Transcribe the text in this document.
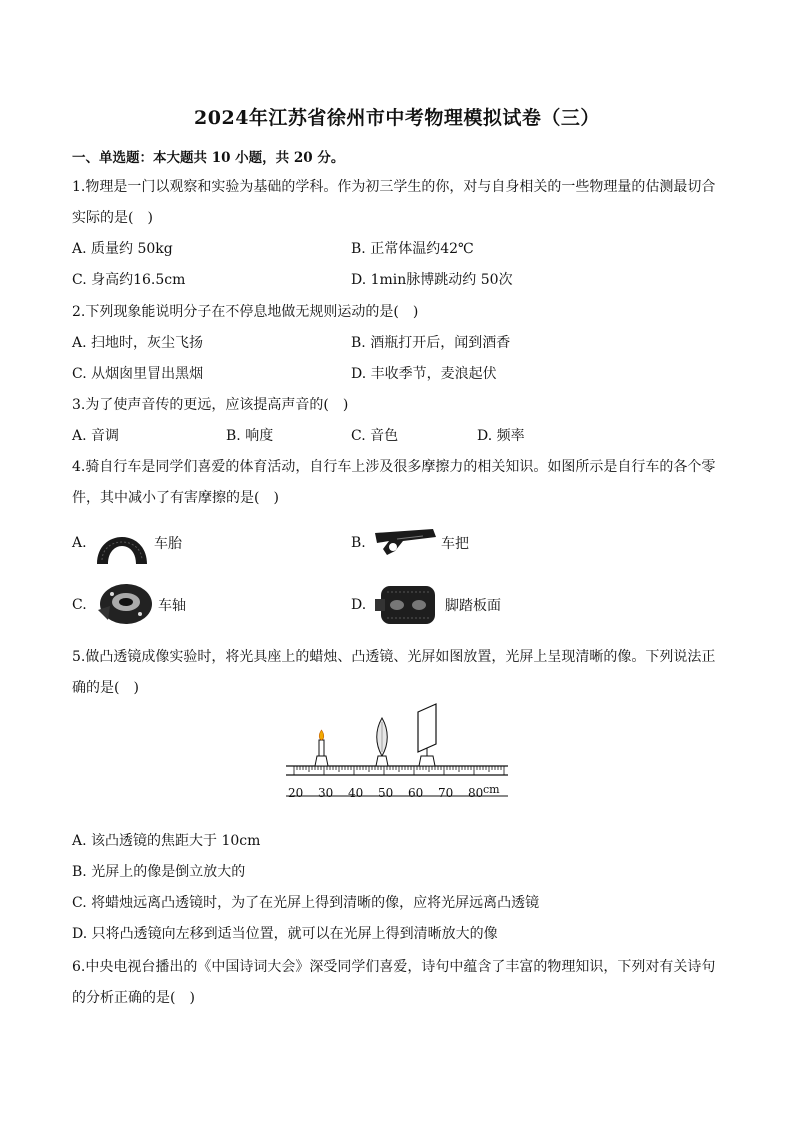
2024年江苏省徐州市中考物理模拟试卷（三）
一、单选题：本大题共 10 小题，共 20 分。
1.物理是一门以观察和实验为基础的学科。作为初三学生的你，对与自身相关的一些物理量的估测最切合
实际的是(　)
A. 质量约 50kg	B. 正常体温约42℃
C. 身高约16.5cm	D. 1min脉博跳动约 50次
2.下列现象能说明分子在不停息地做无规则运动的是(　)
A. 扫地时，灰尘飞扬	B. 酒瓶打开后，闻到酒香
C. 从烟囱里冒出黑烟	D. 丰收季节，麦浪起伏
3.为了使声音传的更远，应该提高声音的(　)
A. 音调	B. 响度	C. 音色	D. 频率
4.骑自行车是同学们喜爱的体育活动，自行车上涉及很多摩擦力的相关知识。如图所示是自行车的各个零
件，其中减小了有害摩擦的是(　)
A.	车胎	B.	车把
C.	车轴	D.	脚踏板面
5.做凸透镜成像实验时，将光具座上的蜡烛、凸透镜、光屏如图放置，光屏上呈现清晰的像。下列说法正
确的是(　)
20 30 40 50 60 70 80 cm
A. 该凸透镜的焦距大于 10cm
B. 光屏上的像是倒立放大的
C. 将蜡烛远离凸透镜时，为了在光屏上得到清晰的像，应将光屏远离凸透镜
D. 只将凸透镜向左移到适当位置，就可以在光屏上得到清晰放大的像
6.中央电视台播出的《中国诗词大会》深受同学们喜爱，诗句中蕴含了丰富的物理知识，下列对有关诗句
的分析正确的是(　)
